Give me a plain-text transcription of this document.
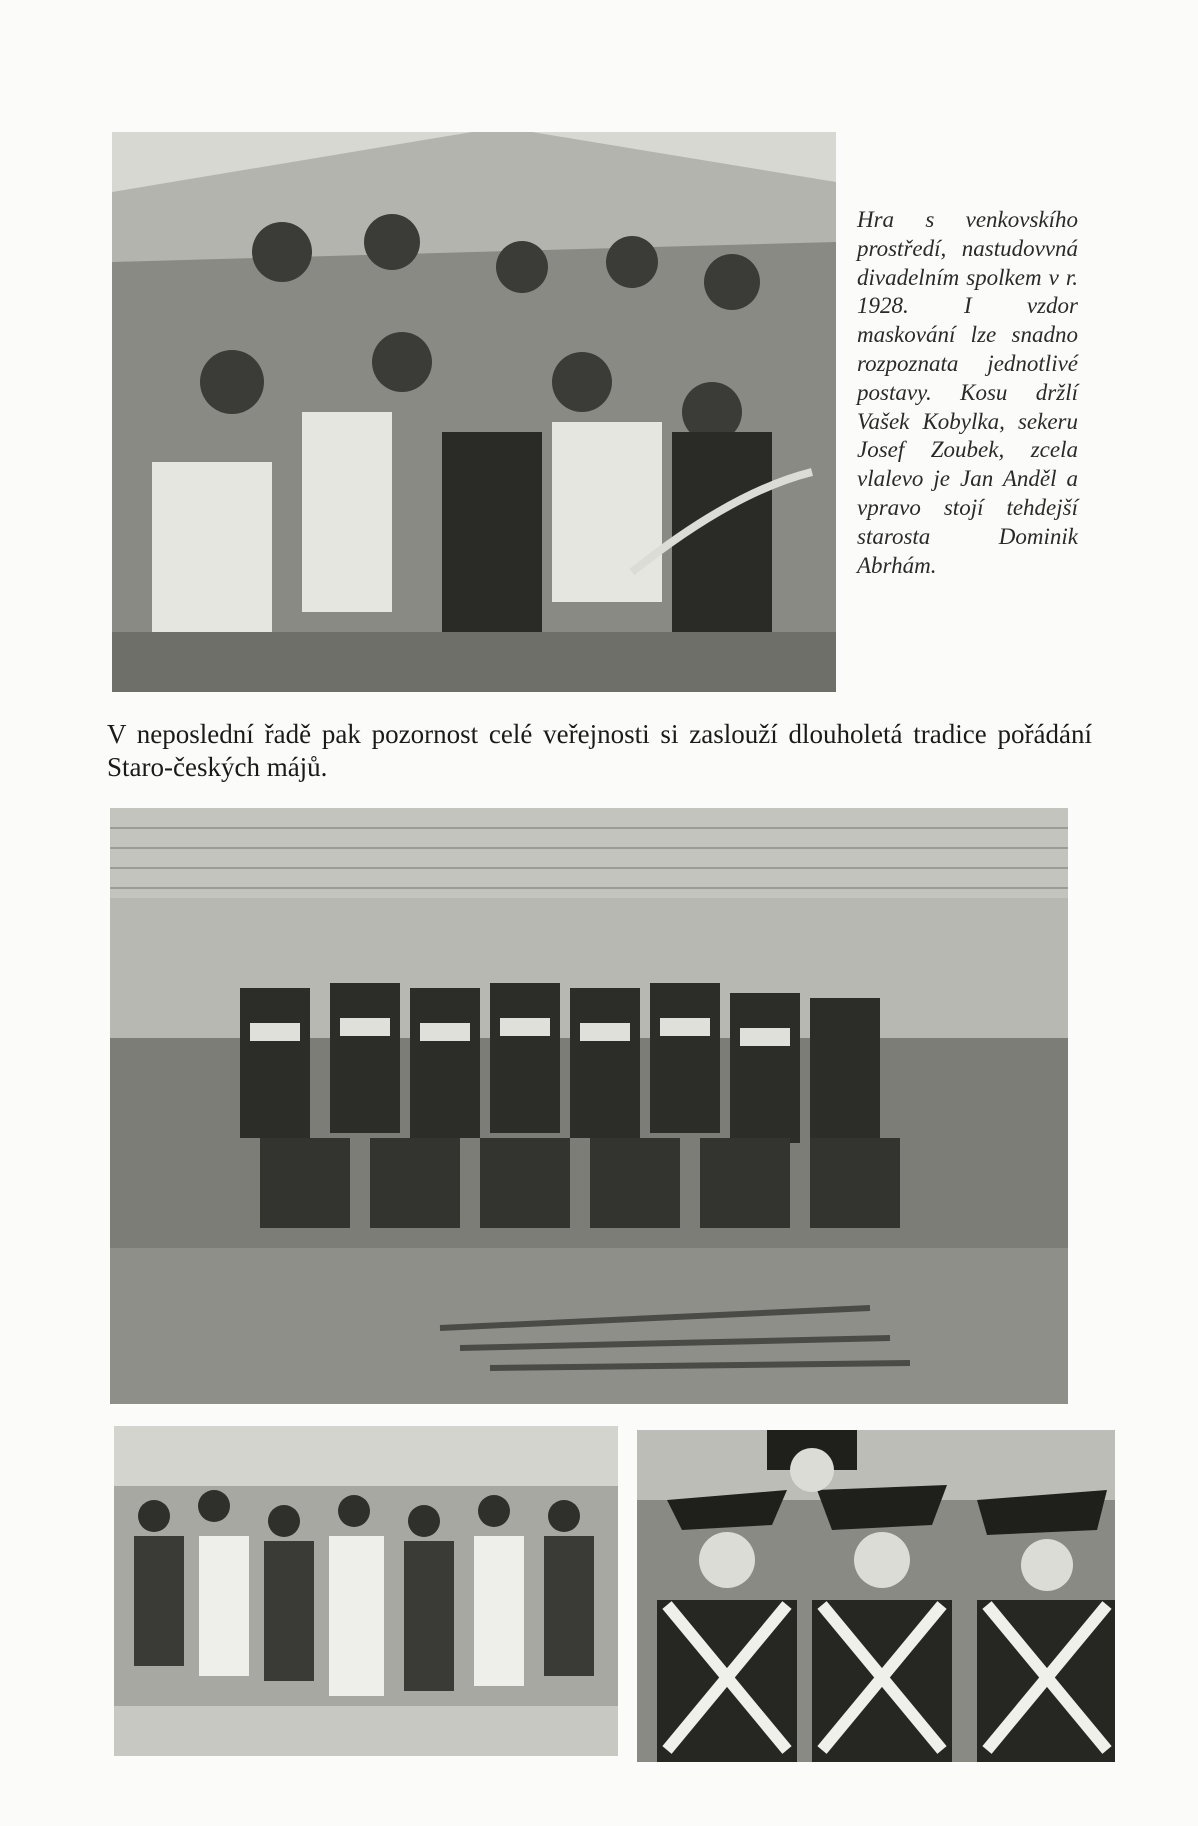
Hra s venkovskího prostředí, nastudovvná divadelním spolkem v r. 1928. I vzdor maskování lze snadno rozpoznata jednotlivé postavy. Kosu držlí Vašek Kobylka, sekeru Josef Zoubek, zcela vlalevo je Jan Anděl a vpravo stojí tehdejší starosta Dominik Abrhám.
V neposlední řadě pak pozornost celé veřejnosti si zaslouží dlouholetá tradice pořádání Staro-českých májů.
